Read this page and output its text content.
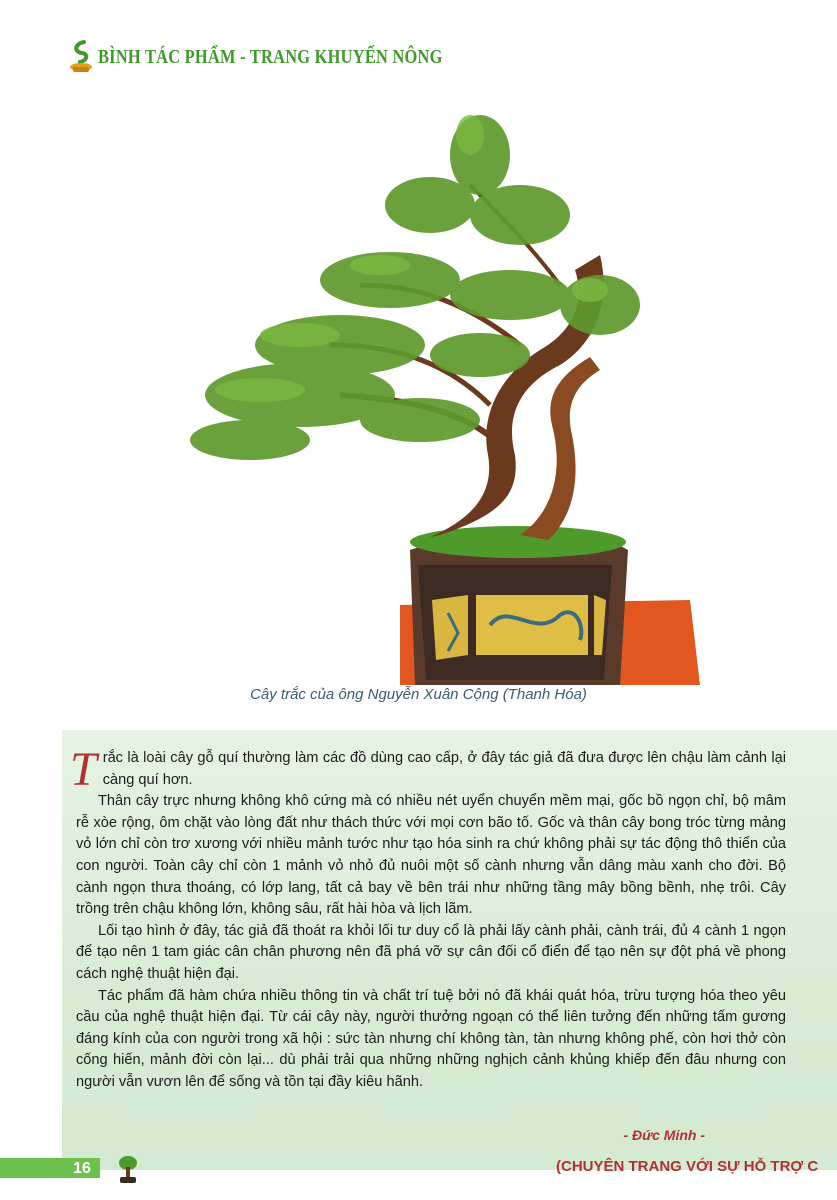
BÌNH TÁC PHẨM - TRANG KHUYẾN NÔNG
Cây trắc của ông Nguyễn Xuân Cộng (Thanh Hóa)

Trắc là loài cây gỗ quí thường làm các đồ dùng cao cấp, ở đây tác giả đã đưa được lên chậu làm cảnh lại càng quí hơn.

Thân cây trực nhưng không khô cứng mà có nhiều nét uyển chuyển mềm mại, gốc bồ ngọn chỉ, bộ mâm rễ xòe rộng, ôm chặt vào lòng đất như thách thức với mọi cơn bão tố. Gốc và thân cây bong tróc từng mảng vỏ lớn chỉ còn trơ xương với nhiều mảnh tước như tạo hóa sinh ra chứ không phải sự tác động thô thiển của con người. Toàn cây chỉ còn 1 mảnh vỏ nhỏ đủ nuôi một số cành nhưng vẫn dâng màu xanh cho đời. Bộ cành ngọn thưa thoáng, có lớp lang, tất cả bay về bên trái như những tầng mây bồng bềnh, nhẹ trôi. Cây trồng trên chậu không lớn, không sâu, rất hài hòa và lịch lãm.

Lối tạo hình ở đây, tác giả đã thoát ra khỏi lối tư duy cổ là phải lấy cành phải, cành trái, đủ 4 cành 1 ngọn để tạo nên 1 tam giác cân chân phương nên đã phá vỡ sự cân đối cổ điển để tạo nên sự đột phá về phong cách nghệ thuật hiện đại.

Tác phẩm đã hàm chứa nhiều thông tin và chất trí tuệ bởi nó đã khái quát hóa, trừu tượng hóa theo yêu cầu của nghệ thuật hiện đại. Từ cái cây này, người thưởng ngoạn có thể liên tưởng đến những tấm gương đáng kính của con người trong xã hội : sức tàn nhưng chí không tàn, tàn nhưng không phế, còn hơi thở còn cống hiến, mảnh đời còn lại... dù phải trải qua những những nghịch cảnh khủng khiếp đến đâu nhưng con người vẫn vươn lên để sống và tồn tại đầy kiêu hãnh.

- Đức Minh -
16	(CHUYÊN TRANG VỚI SỰ HỖ TRỢ C
